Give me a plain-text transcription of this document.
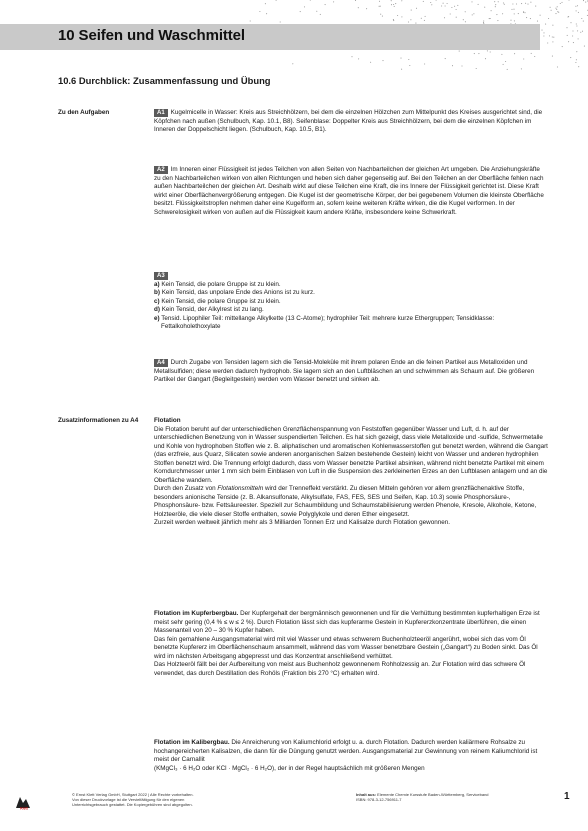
10 Seifen und Waschmittel
10.6 Durchblick: Zusammenfassung und Übung
Zu den Aufgaben	A1 Kugelmicelle in Wasser: Kreis aus Streichhölzern, bei dem die einzelnen Hölzchen zum Mittelpunkt des Kreises ausgerichtet sind, die Köpfchen nach außen (Schulbuch, Kap. 10.1, B8). Seifenblase: Doppelter Kreis aus Streichhölzern, bei dem die einzelnen Köpfchen im Inneren der Doppelschicht liegen. (Schulbuch, Kap. 10.5, B1).

A2 Im Inneren einer Flüssigkeit ist jedes Teilchen von allen Seiten von Nachbarteilchen der gleichen Art umgeben. Die Anziehungskräfte zu den Nachbarteilchen wirken von allen Richtungen und heben sich daher gegenseitig auf. Bei den Teilchen an der Oberfläche fehlen nach außen Nachbarteilchen der gleichen Art. Deshalb wirkt auf diese Teilchen eine Kraft, die ins Innere der Flüssigkeit gerichtet ist. Diese Kraft wirkt einer Oberflächenvergrößerung entgegen. Die Kugel ist der geometrische Körper, der bei gegebenem Volumen die kleinste Oberfläche besitzt. Flüssigkeitstropfen nehmen daher eine Kugelform an, sofern keine weiteren Kräfte wirken, die die Kugel verformen. In der Schwerelosigkeit wirken von außen auf die Flüssigkeit kaum andere Kräfte, insbesondere keine Schwerkraft.

A3
a) Kein Tensid, die polare Gruppe ist zu klein.
b) Kein Tensid, das unpolare Ende des Anions ist zu kurz.
c) Kein Tensid, die polare Gruppe ist zu klein.
d) Kein Tensid, der Alkylrest ist zu lang.
e) Tensid. Lipophiler Teil: mittellange Alkylkette (13 C-Atome); hydrophiler Teil: mehrere kurze Ethergruppen; Tensidklasse: Fettalkoholethoxylate

A4 Durch Zugabe von Tensiden lagern sich die Tensid-Moleküle mit ihrem polaren Ende an die feinen Partikel aus Metalloxiden und Metallsulfiden; diese werden dadurch hydrophob. Sie lagern sich an den Luftbläschen an und schwimmen als Schaum auf. Die größeren Partikel der Gangart (Begleitgestein) werden vom Wasser benetzt und sinken ab.

Zusatzinformationen zu A4	Flotation

Die Flotation beruht auf der unterschiedlichen Grenzflächenspannung von Feststoffen gegenüber Wasser und Luft, d. h. auf der unterschiedlichen Benetzung von in Wasser suspendierten Teilchen. Es hat sich gezeigt, dass viele Metalloxide und -sulfide, Schwermetalle und Kohle von hydrophoben Stoffen wie z. B. aliphatischen und aromatischen Kohlenwasserstoffen gut benetzt werden, während die Gangart (das erzfreie, aus Quarz, Silicaten sowie anderen anorganischen Salzen bestehende Gestein) leicht von Wasser und anderen hydrophilen Stoffen benetzt wird. Die Trennung erfolgt dadurch, dass vom Wasser benetzte Partikel absinken, während nicht benetzte Partikel mit einem Korndurchmesser unter 1 mm sich beim Einblasen von Luft in die Suspension des zerkleinerten Erzes an den Luftblasen anlagern und an die Oberfläche wandern.

Durch den Zusatz von Flotationsmitteln wird der Trenneffekt verstärkt. Zu diesen Mitteln gehören vor allem grenzflächenaktive Stoffe, besonders anionische Tenside (z. B. Alkansulfonate, Alkylsulfate, FAS, FES, SES und Seifen, Kap. 10.3) sowie Phosphorsäure-, Phosphonsäure- bzw. Fettsäureester. Speziell zur Schaumbildung und Schaumstabilisierung werden Phenole, Kresole, Alkohole, Ketone, Holzteeröle, die viele dieser Stoffe enthalten, sowie Polyglykole und deren Ether eingesetzt.

Zurzeit werden weltweit jährlich mehr als 3 Milliarden Tonnen Erz und Kalisalze durch Flotation gewonnen.

Flotation im Kupferbergbau. Der Kupfergehalt der bergmännisch gewonnenen und für die Verhüttung bestimmten kupferhaltigen Erze ist meist sehr gering (0,4 % ≤ w ≤ 2 %). Durch Flotation lässt sich das kupferarme Gestein in Kupfererzkonzentrate überführen, die einen Massenanteil von 20 – 30 % Kupfer haben.

Das fein gemahlene Ausgangsmaterial wird mit viel Wasser und etwas schwerem Buchenholzteeröl angerührt, wobei sich das vom Öl benetzte Kupfererz im Oberflächenschaum ansammelt, während das vom Wasser benetzbare Gestein („Gangart“) zu Boden sinkt. Das Öl wird im nächsten Arbeitsgang abgepresst und das Konzentrat anschließend verhüttet.

Das Holzteeröl fällt bei der Aufbereitung von meist aus Buchenholz gewonnenem Rohholzessig an. Zur Flotation wird das schwere Öl verwendet, das durch Destillation des Rohöls (Fraktion bis 270 °C) erhalten wird.

Flotation im Kalibergbau. Die Anreicherung von Kaliumchlorid erfolgt u. a. durch Flotation. Dadurch werden kaliärmere Rohsalze zu hochangereicherten Kalisalzen, die dann für die Düngung genutzt werden. Ausgangsmaterial zur Gewinnung von reinem Kaliumchlorid ist meist der Carnallit

(KMgCl₃ · 6 H₂O oder KCl · MgCl₂ · 6 H₂O), der in der Regel hauptsächlich mit größeren Mengen

Klett
© Ernst Klett Verlag GmbH, Stuttgart 2022 | Alle Rechte vorbehalten.
Von dieser Druckvorlage ist die Vervielfältigung für den eigenen
Unterrichtsgebrauch gestattet. Die Kopiergebühren sind abgegolten.
Inhalt aus: Elemente Chemie Kursstufe Baden-Württemberg, Serviceband
ISBN: 978-3-12-756911-7	1
